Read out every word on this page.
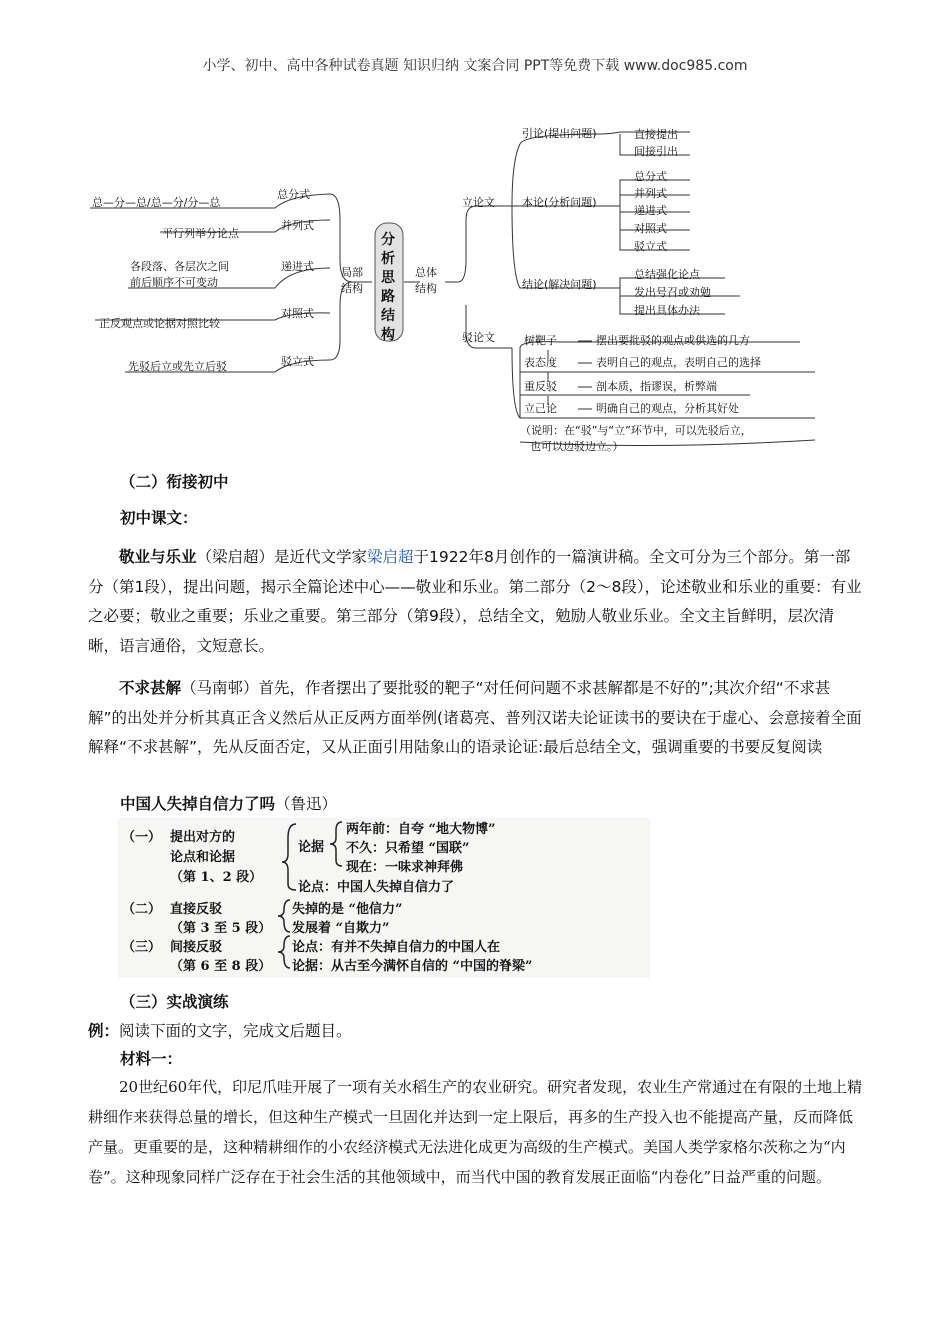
小学、初中、高中各种试卷真题 知识归纳 文案合同 PPT等免费下载 www.doc985.com
总分式
总—分—总/总—分/分—总
并列式
平行列举分论点
递进式
各段落、各层次之间
前后顺序不可变动
对照式
正反观点或论据对照比较
驳立式
先驳后立或先立后驳
局部
结构
分
析
思
路
结
构
总体
结构
立论文
驳论文
引论(提出问题)
本论(分析问题)
结论(解决问题)
直接提出
间接引出
总分式
并列式
递进式
对照式
驳立式
总结强化论点
发出号召或劝勉
提出具体办法
树靶子
表态度
重反驳
立己论
摆出要批驳的观点或供选的几方
表明自己的观点，表明自己的选择
剖本质，指谬误，析弊端
明确自己的观点，分析其好处
（说明：在“驳”与“立”环节中，可以先驳后立，
也可以边驳边立。）
（二）衔接初中
初中课文：

敬业与乐业（梁启超）是近代文学家梁启超于1922年8月创作的一篇演讲稿。全文可分为三个部分。第一部分（第1段），提出问题，揭示全篇论述中心——敬业和乐业。第二部分（2～8段），论述敬业和乐业的重要：有业之必要；敬业之重要；乐业之重要。第三部分（第9段），总结全文，勉励人敬业乐业。全文主旨鲜明，层次清晰，语言通俗，文短意长。

不求甚解（马南邨）首先，作者摆出了要批驳的靶子“对任何问题不求甚解都是不好的”;其次介绍“不求甚解”的出处并分析其真正含义然后从正反两方面举例(诸葛亮、普列汉诺夫论证读书的要诀在于虚心、会意接着全面解释“不求甚解”，先从反面否定，又从正面引用陆象山的语录论证:最后总结全文，强调重要的书要反复阅读

中国人失掉自信力了吗（鲁迅）
（一） 提出对方的
论点和论据
（第 1、2 段）
论据
两年前：自夸 “地大物博”
不久：只希望 “国联”
现在：一味求神拜佛
论点：中国人失掉自信力了
（二） 直接反驳
（第 3 至 5 段）
失掉的是 “他信力”
发展着 “自欺力”
（三） 间接反驳
（第 6 至 8 段）
论点：有并不失掉自信力的中国人在
论据：从古至今满怀自信的 “中国的脊梁”
（三）实战演练
例：阅读下面的文字，完成文后题目。
材料一：

20世纪60年代，印尼爪哇开展了一项有关水稻生产的农业研究。研究者发现，农业生产常通过在有限的土地上精耕细作来获得总量的增长，但这种生产模式一旦固化并达到一定上限后，再多的生产投入也不能提高产量，反而降低产量。更重要的是，这种精耕细作的小农经济模式无法进化成更为高级的生产模式。美国人类学家格尔茨称之为“内卷”。这种现象同样广泛存在于社会生活的其他领域中，而当代中国的教育发展正面临“内卷化”日益严重的问题。
